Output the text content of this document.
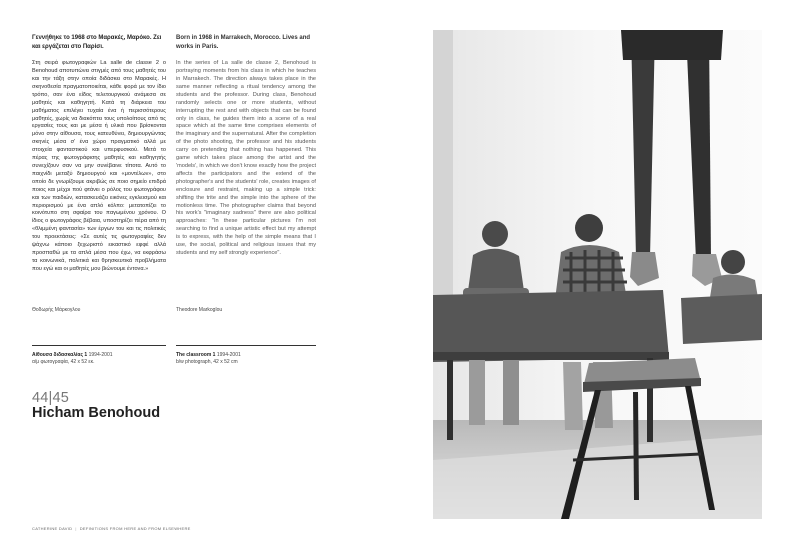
Γεννήθηκε το 1968 στο Μαρακές, Μαρόκο. Ζει και εργάζεται στο Παρίσι.

Στη σειρά φωτογραφιών La salle de classe 2 ο Benohoud αποτυπώνει στιγμές από τους μαθητές του και την τάξη στην οποία διδάσκει στο Μαρακές. Η σκηνοθεσία πραγματοποιείται, κάθε φορά με τον ίδιο τρόπο, σαν ένα είδος τελετουργικού ανάμεσα σε μαθητές και καθηγητή. Κατά τη διάρκεια του μαθήματος επιλέγει τυχαία ένα ή περισσότερους μαθητές, χωρίς να διακόπτει τους υπολοίπους από τις εργασίες τους και με μέσα ή υλικά που βρίσκονται μόνο στην αίθουσα, τους κατευθύνει, δημιουργώντας σκηνές μέσα σ' ένα χώρο πραγματικό αλλά με στοιχεία φανταστικού και υπερφυσικού. Μετά το πέρας της φωτογράφισης μαθητές και καθηγητής συνεχίζουν σαν να μην συνέβαινε τίποτα. Αυτό το παιχνίδι μεταξύ δημιουργού και «μοντέλων», στο οποίο δε γνωρίζουμε ακριβώς σε ποιο σημείο επιδρά ποιος και μέχρι πού φτάνει ο ρόλος του φωτογράφου και των παιδιών, κατασκευάζει εικόνες εγκλεισμού και περιορισμού με ένα απλό κόλπο: μετατοπίζει το κοινότυπο στη σφαίρα του παγωμένου χρόνου. Ο ίδιος ο φωτογράφος βέβαια, υποστηρίζει πέρα από τη «θλιμμένη φαντασία» των έργων του και τις πολιτικές του προεκτάσεις: «Σε αυτές τις φωτογραφίες δεν ψάχνω κάποιο ξεχωριστό εικαστικό εφφέ αλλά προσπαθώ με τα απλά μέσα που έχω, να εκφράσω τα κοινωνικά, πολιτικά και θρησκευτικά προβλήματα που εγώ και οι μαθητές μου βιώνουμε έντονα.»

Born in 1968 in Marrakech, Morocco. Lives and works in Paris.

In the series of La salle de classe 2, Benohoud is portraying moments from his class in which he teaches in Marrakech. The direction always takes place in the same manner reflecting a ritual tendency among the students and the professor. During class, Benohoud randomly selects one or more students, without interrupting the rest and with objects that can be found only in class, he guides them into a scene of a real space which at the same time comprises elements of the imaginary and the supernatural. After the completion of the photo shooting, the professor and his students carry on pretending that nothing has happened. This game which takes place among the artist and the 'models', in which we don't know exactly how the project affects the participators and the extend of the photographer's and the students' role, creates images of enclosure and restraint, making up a simple trick: shifting the trite and the simple into the sphere of the motionless time. The photographer claims that beyond his work's "imaginary sadness" there are also political approaches: "In these particular pictures I'm not searching to find a unique artistic effect but my attempt is to express, with the help of the simple means that I use, the social, political and religious issues that my students and my self strongly experience".

Θοδωρής Μάρκογλου	Theodore Markoglou
Αίθουσα διδασκαλίας 1 1994-2001
α/μ φωτογραφία, 42 x 52 εκ.
The classroom 1 1994-2001
b/w photograph, 42 x 52 cm
44|45
Hicham Benohoud
CATHERINE DAVID | DEFINITIONS FROM HERE AND FROM ELSEWHERE
